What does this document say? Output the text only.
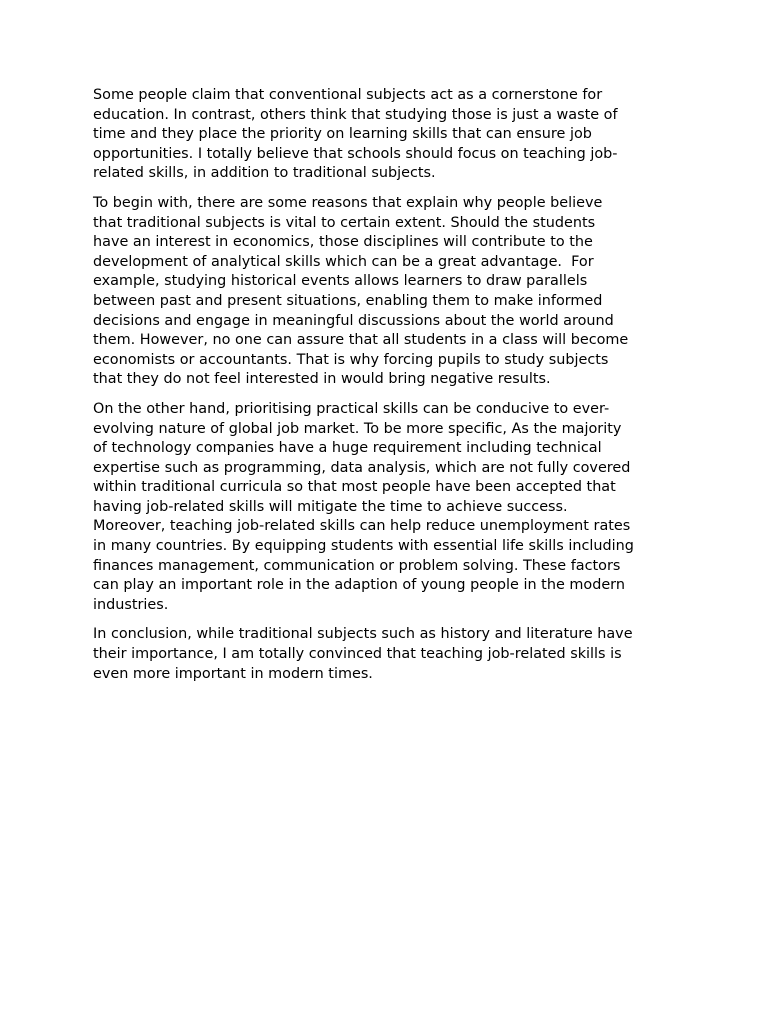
Some people claim that conventional subjects act as a cornerstone for
education. In contrast, others think that studying those is just a waste of
time and they place the priority on learning skills that can ensure job
opportunities. I totally believe that schools should focus on teaching job-
related skills, in addition to traditional subjects.

To begin with, there are some reasons that explain why people believe
that traditional subjects is vital to certain extent. Should the students
have an interest in economics, those disciplines will contribute to the
development of analytical skills which can be a great advantage.  For
example, studying historical events allows learners to draw parallels
between past and present situations, enabling them to make informed
decisions and engage in meaningful discussions about the world around
them. However, no one can assure that all students in a class will become
economists or accountants. That is why forcing pupils to study subjects
that they do not feel interested in would bring negative results.

On the other hand, prioritising practical skills can be conducive to ever-
evolving nature of global job market. To be more specific, As the majority
of technology companies have a huge requirement including technical
expertise such as programming, data analysis, which are not fully covered
within traditional curricula so that most people have been accepted that
having job-related skills will mitigate the time to achieve success.
Moreover, teaching job-related skills can help reduce unemployment rates
in many countries. By equipping students with essential life skills including
finances management, communication or problem solving. These factors
can play an important role in the adaption of young people in the modern
industries.

In conclusion, while traditional subjects such as history and literature have
their importance, I am totally convinced that teaching job-related skills is
even more important in modern times.
